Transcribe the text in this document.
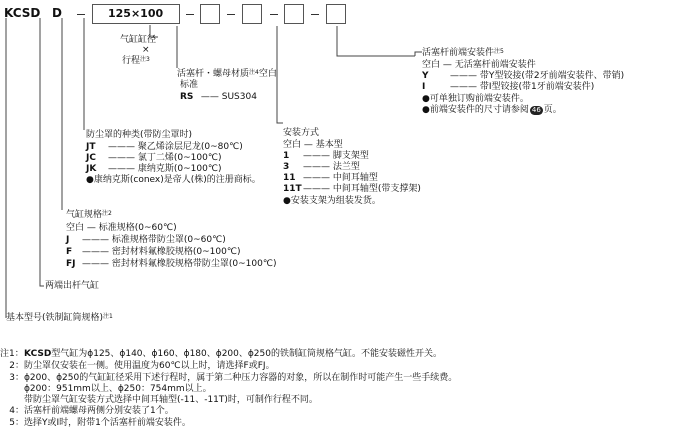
KCSD D	125×100
气缸缸径
×
行程$^{注3}$
活塞杆・螺母材质$^{注4}$空白
标准
RS —— SUS304
活塞杆前端安装件$^{注5}$
空白 — 无活塞杆前端安装件
Y ——— 带Y型铰接(带2牙前端安装件、带销)
I	——— 带I型铰接(带1牙前端安装件)
●可单独订购前端安装件。
●前端安装件的尺寸请参阅 46 页。
防尘罩的种类(带防尘罩时)
JT ——— 聚乙烯涂层尼龙(0~80℃)
JC ——— 氯丁二烯(0~100℃)
JK ——— 康纳克斯(0~100℃)
●康纳克斯(conex)是帝人(株)的注册商标。
安装方式
空白 — 基本型
1 ——— 脚支架型
3 ——— 法兰型
11 ——— 中间耳轴型
11T——— 中间耳轴型(带支撑架)
●安装支架为组装发货。
气缸规格$^{注2}$
空白 — 标准规格(0~60℃)
J ——— 标准规格带防尘罩(0~60℃)
F ——— 密封材料氟橡胶规格(0~100℃)
FJ ——— 密封材料氟橡胶规格带防尘罩(0~100℃)
两端出杆气缸
基本型号(铁制缸筒规格)$^{注1}$
注1：KCSD型气缸为ϕ125、ϕ140、ϕ160、ϕ180、ϕ200、ϕ250的铁制缸筒规格气缸。不能安装磁性开关。
2：防尘罩仅安装在一侧。使用温度为60℃以上时，请选择F或FJ。
3：ϕ200、ϕ250的气缸缸径采用下述行程时，属于第二种压力容器的对象，所以在制作时可能产生一些手续费。
ϕ200：951mm以上、ϕ250：754mm以上。
带防尘罩气缸安装方式选择中间耳轴型(-11、-11T)时，可制作行程不同。
4：活塞杆前端螺母两侧分别安装了1个。
5：选择Y或I时，附带1个活塞杆前端安装件。
